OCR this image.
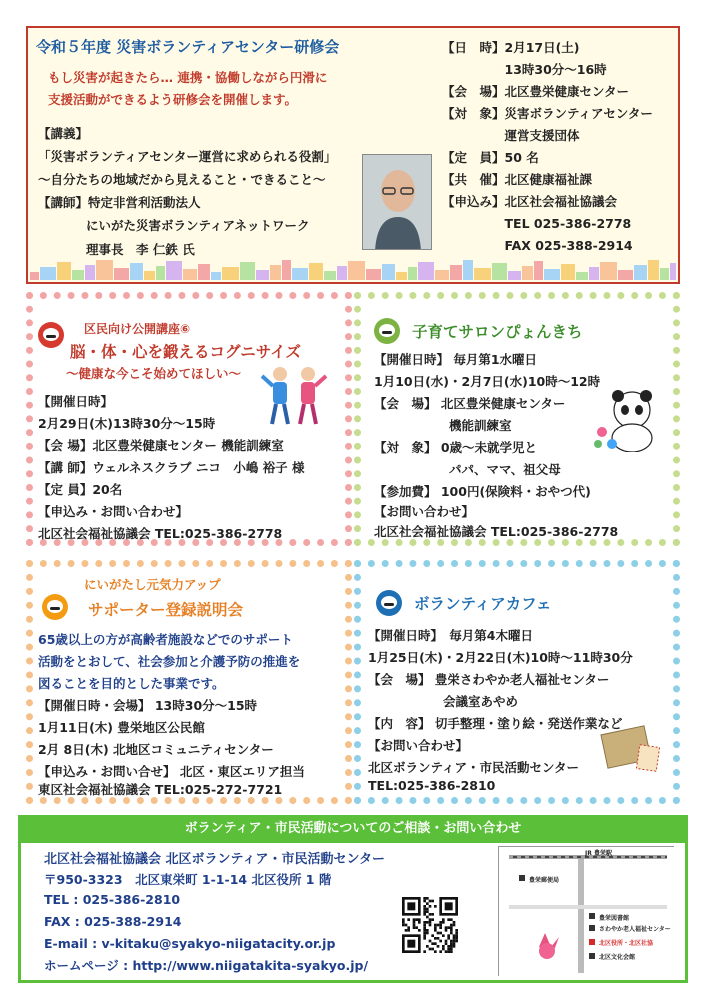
令和５年度 災害ボランティアセンター研修会
もし災害が起きたら… 連携・協働しながら円滑に
支援活動ができるよう研修会を開催します。
【講義】
「災害ボランティアセンター運営に求められる役割」
～自分たちの地域だから見えること・できること～
【講師】特定非営利活動法人
にいがた災害ボランティアネットワーク
理事長　李 仁鉄 氏
【日　時】2月17日(土)
　　　　　13時30分～16時
【会　場】北区豊栄健康センター
【対　象】災害ボランティアセンター
　　　　　運営支援団体
【定　員】50 名
【共　催】北区健康福祉課
【申込み】北区社会福祉協議会
　　　　　TEL 025-386-2778
　　　　　FAX 025-388-2914
区民向け公開講座⑥
脳・体・心を鍛えるコグニサイズ
～健康な今こそ始めてほしい～
【開催日時】
2月29日(木)13時30分～15時
【会 場】北区豊栄健康センター 機能訓練室
【講 師】ウェルネスクラブ ニコ　小嶋 裕子 様
【定 員】20名
【申込み・お問い合わせ】
北区社会福祉協議会 TEL:025-386-2778
子育てサロンぴょんきち
【開催日時】 毎月第1水曜日
1月10日(水)・2月7日(水)10時～12時
【会　場】 北区豊栄健康センター
　　　　　　機能訓練室
【対　象】 0歳～未就学児と
　　　　　　パパ、ママ、祖父母
【参加費】 100円(保険料・おやつ代)
【お問い合わせ】
北区社会福祉協議会 TEL:025-386-2778
にいがたし元気力アップ
サポーター登録説明会
65歳以上の方が高齢者施設などでのサポート
活動をとおして、社会参加と介護予防の推進を
図ることを目的とした事業です。
【開催日時・会場】 13時30分～15時
1月11日(木) 豊栄地区公民館
2月 8日(木) 北地区コミュニティセンター
【申込み・お問い合せ】 北区・東区エリア担当
東区社会福祉協議会 TEL:025-272-7721
ボランティアカフェ
【開催日時】　毎月第4木曜日
1月25日(木)・2月22日(木)10時～11時30分
【会　場】 豊栄さわやか老人福祉センター
　　　　　　会議室あやめ
【内　容】 切手整理・塗り絵・発送作業など
【お問い合わせ】
北区ボランティア・市民活動センター
TEL:025-386-2810
ボランティア・市民活動についてのご相談・お問い合わせ
北区社会福祉協議会 北区ボランティア・市民活動センター
〒950-3323　北区東栄町 1-1-14 北区役所 1 階
TEL : 025-386-2810
FAX : 025-388-2914
E-mail : v-kitaku@syakyo-niigatacity.or.jp
ホームページ : http://www.niigatakita-syakyo.jp/
JR 豊栄駅
豊栄郵便局
豊栄図書館
さわやか老人福祉センター
北区役所・北区社協
北区文化会館
